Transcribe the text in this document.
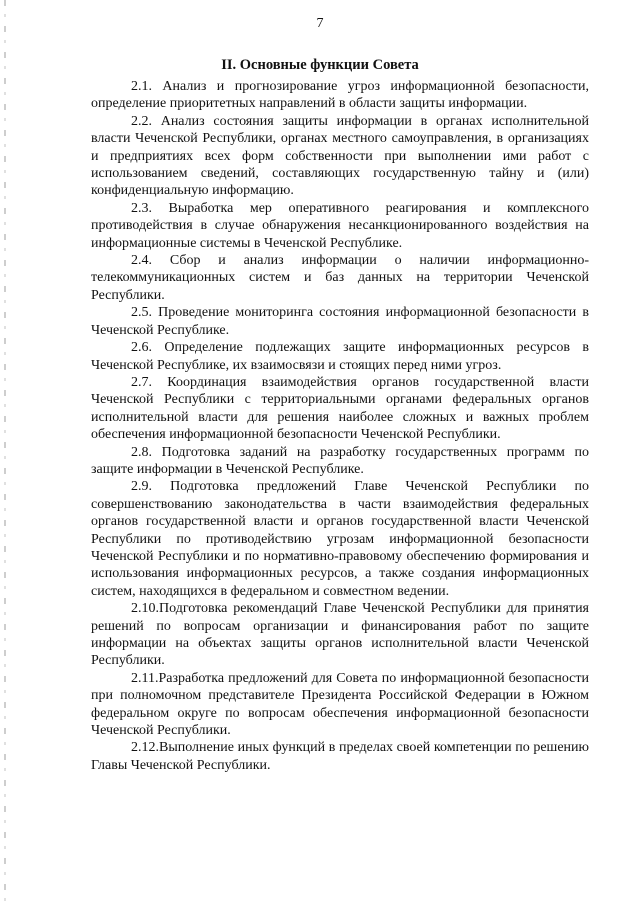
7
II. Основные функции Совета

2.1. Анализ и прогнозирование угроз информационной безопасности, определение приоритетных направлений в области защиты информации.

2.2. Анализ состояния защиты информации в органах исполнительной власти Чеченской Республики, органах местного самоуправления, в организациях и предприятиях всех форм собственности при выполнении ими работ с использованием сведений, составляющих государственную тайну и (или) конфиденциальную информацию.

2.3. Выработка мер оперативного реагирования и комплексного противодействия в случае обнаружения несанкционированного воздействия на информационные системы в Чеченской Республике.

2.4. Сбор и анализ информации о наличии информационно-телекоммуникационных систем и баз данных на территории Чеченской Республики.

2.5. Проведение мониторинга состояния информационной безопасности в Чеченской Республике.

2.6. Определение подлежащих защите информационных ресурсов в Чеченской Республике, их взаимосвязи и стоящих перед ними угроз.

2.7. Координация взаимодействия органов государственной власти Чеченской Республики с территориальными органами федеральных органов исполнительной власти для решения наиболее сложных и важных проблем обеспечения информационной безопасности Чеченской Республики.

2.8. Подготовка заданий на разработку государственных программ по защите информации в Чеченской Республике.

2.9. Подготовка предложений Главе Чеченской Республики по совершенствованию законодательства в части взаимодействия федеральных органов государственной власти и органов государственной власти Чеченской Республики по противодействию угрозам информационной безопасности Чеченской Республики и по нормативно-правовому обеспечению формирования и использования информационных ресурсов, а также создания информационных систем, находящихся в федеральном и совместном ведении.

2.10.Подготовка рекомендаций Главе Чеченской Республики для принятия решений по вопросам организации и финансирования работ по защите информации на объектах защиты органов исполнительной власти Чеченской Республики.

2.11.Разработка предложений для Совета по информационной безопасности при полномочном представителе Президента Российской Федерации в Южном федеральном округе по вопросам обеспечения информационной безопасности Чеченской Республики.

2.12.Выполнение иных функций в пределах своей компетенции по решению Главы Чеченской Республики.
